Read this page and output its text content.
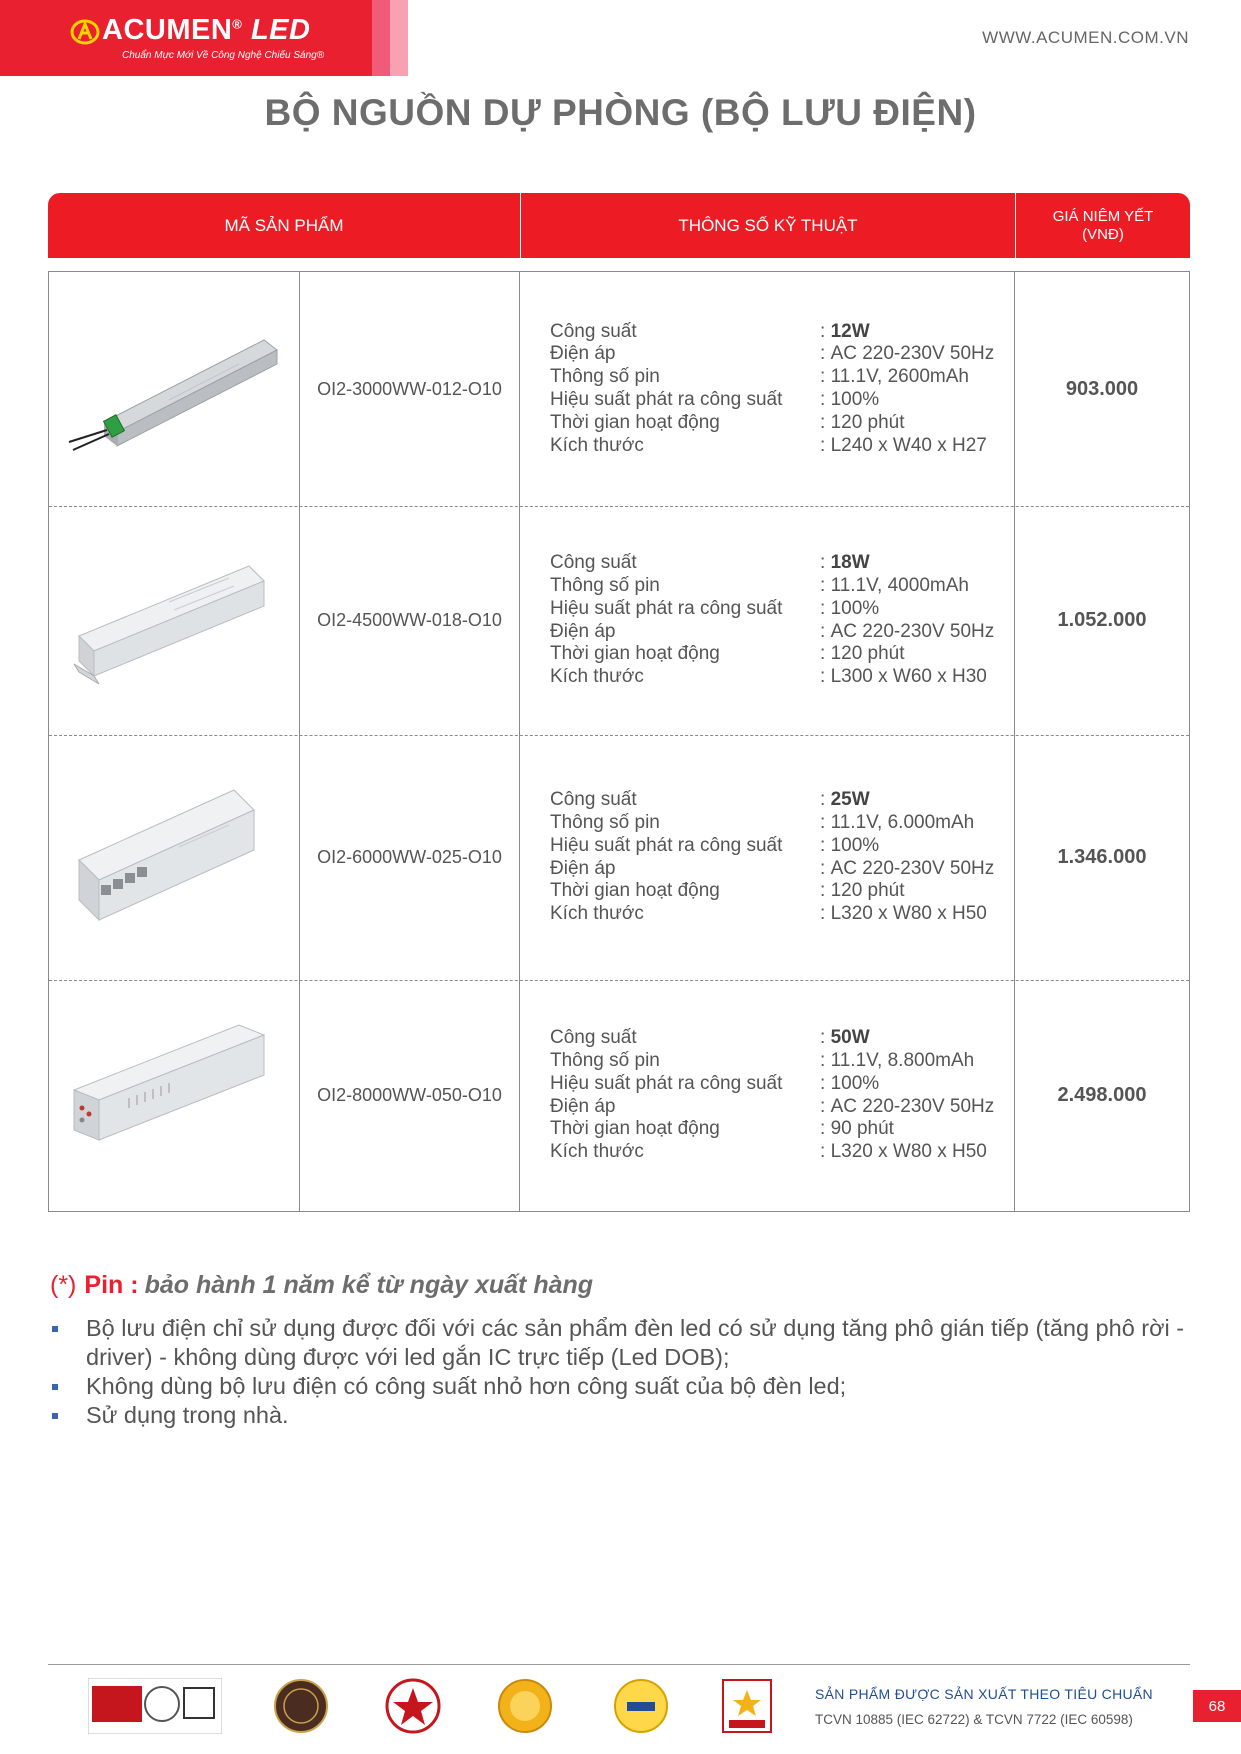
ACUMEN® LED
Chuẩn Mực Mới Về Công Nghệ Chiếu Sáng®
WWW.ACUMEN.COM.VN
BỘ NGUỒN DỰ PHÒNG (BỘ LƯU ĐIỆN)
MÃ SẢN PHẨM	THÔNG SỐ KỸ THUẬT	GIÁ NIÊM YẾT
(VNĐ)
OI2-3000WW-012-O10
Công suất	: 12W
Điện áp	: AC 220-230V 50Hz
Thông số pin	: 11.1V, 2600mAh
Hiệu suất phát ra công suất	: 100%
Thời gian hoạt động	: 120 phút
Kích thước	: L240 x W40 x H27
903.000
OI2-4500WW-018-O10
Công suất	: 18W
Thông số pin	: 11.1V, 4000mAh
Hiệu suất phát ra công suất	: 100%
Điện áp	: AC 220-230V 50Hz
Thời gian hoạt động	: 120 phút
Kích thước	: L300 x W60 x H30
1.052.000
OI2-6000WW-025-O10
Công suất	: 25W
Thông số pin	: 11.1V, 6.000mAh
Hiệu suất phát ra công suất	: 100%
Điện áp	: AC 220-230V 50Hz
Thời gian hoạt động	: 120 phút
Kích thước	: L320 x W80 x H50
1.346.000
OI2-8000WW-050-O10
Công suất	: 50W
Thông số pin	: 11.1V, 8.800mAh
Hiệu suất phát ra công suất	: 100%
Điện áp	: AC 220-230V 50Hz
Thời gian hoạt động	: 90 phút
Kích thước	: L320 x W80 x H50
2.498.000
(*) Pin : bảo hành 1 năm kể từ ngày xuất hàng
Bộ lưu điện chỉ sử dụng được đối với các sản phẩm đèn led có sử dụng tăng phô gián tiếp (tăng phô rời - driver) - không dùng được với led gắn IC trực tiếp (Led DOB);
Không dùng bộ lưu điện có công suất nhỏ hơn công suất của bộ đèn led;
Sử dụng trong nhà.
SẢN PHẨM ĐƯỢC SẢN XUẤT THEO TIÊU CHUẨN
TCVN 10885 (IEC 62722) & TCVN 7722 (IEC 60598)
68
